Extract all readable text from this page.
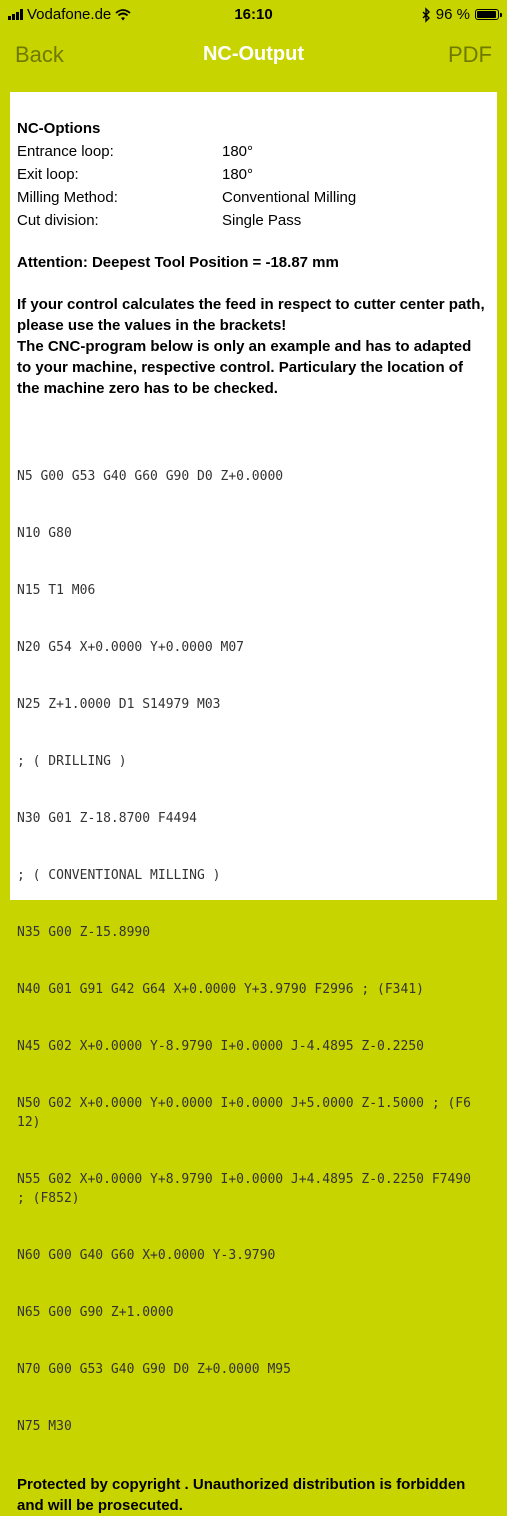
Vodafone.de	16:10	96 %
Back	NC-Output	PDF
NC-Options
Entrance loop:	180°
Exit loop:	180°
Milling Method:	Conventional Milling
Cut division:	Single Pass
Attention: Deepest Tool Position = -18.87 mm
If your control calculates the feed in respect to cutter center path, please use the values in the brackets!
The CNC-program below is only an example and has to adapted to your machine, respective control. Particulary the location of the machine zero has to be checked.

N5 G00 G53 G40 G60 G90 D0 Z+0.0000

N10 G80

N15 T1 M06

N20 G54 X+0.0000 Y+0.0000 M07

N25 Z+1.0000 D1 S14979 M03

; ( DRILLING )

N30 G01 Z-18.8700 F4494

; ( CONVENTIONAL MILLING )

N35 G00 Z-15.8990

N40 G01 G91 G42 G64 X+0.0000 Y+3.9790 F2996 ; (F341)

N45 G02 X+0.0000 Y-8.9790 I+0.0000 J-4.4895 Z-0.2250

N50 G02 X+0.0000 Y+0.0000 I+0.0000 J+5.0000 Z-1.5000 ; (F612)

N55 G02 X+0.0000 Y+8.9790 I+0.0000 J+4.4895 Z-0.2250 F7490 ; (F852)

N60 G00 G40 G60 X+0.0000 Y-3.9790

N65 G00 G90 Z+1.0000

N70 G00 G53 G40 G90 D0 Z+0.0000 M95

N75 M30

Protected by copyright . Unauthorized distribution is forbidden and will be prosecuted.
